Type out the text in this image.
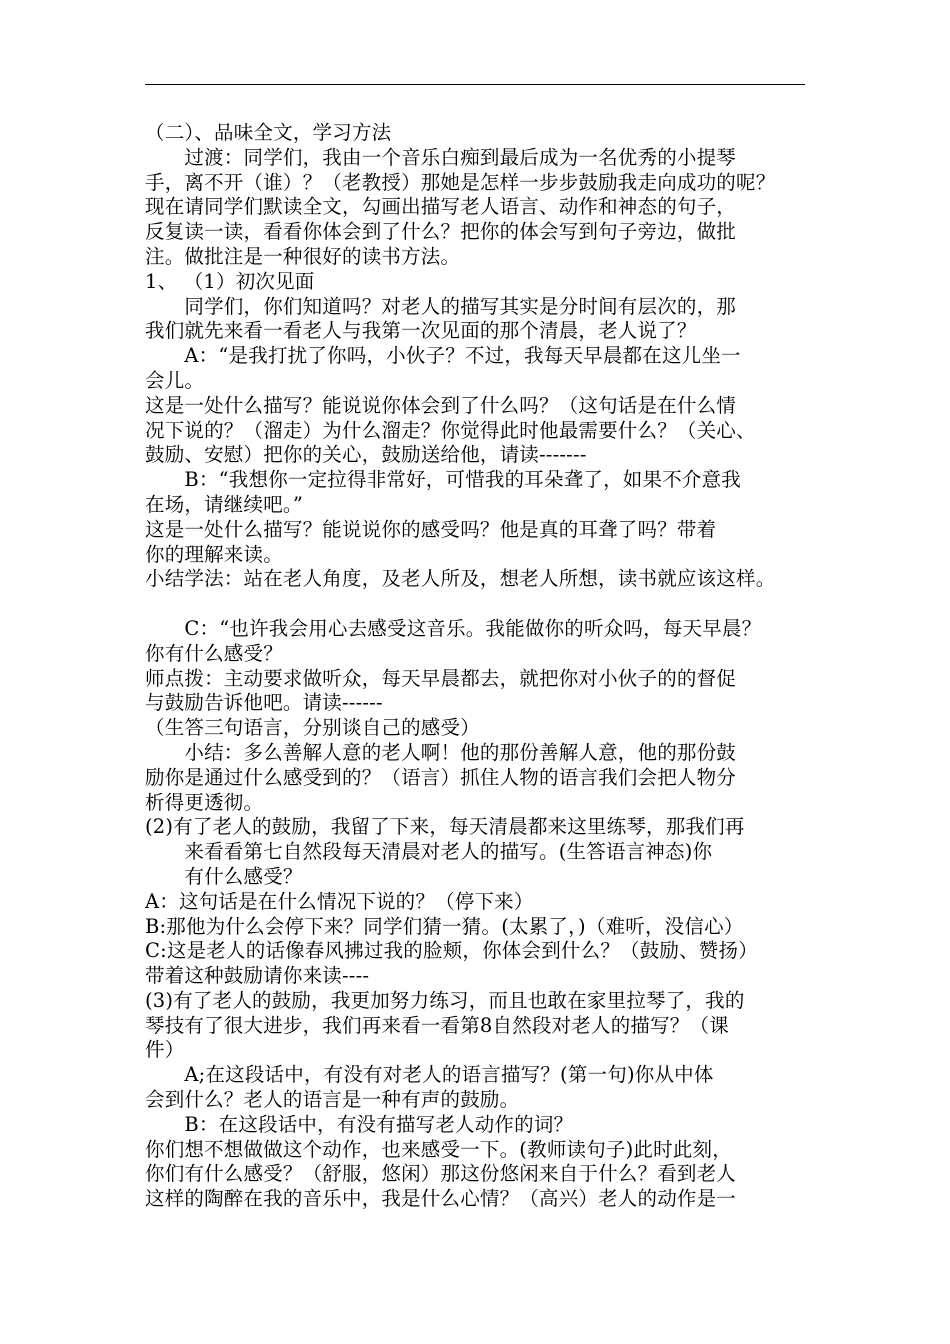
（二）、品味全文，学习方法

　　过渡：同学们，我由一个音乐白痴到最后成为一名优秀的小提琴

手，离不开（谁）？（老教授）那她是怎样一步步鼓励我走向成功的呢？

现在请同学们默读全文，勾画出描写老人语言、动作和神态的句子，

反复读一读，看看你体会到了什么？把你的体会写到句子旁边，做批

注。做批注是一种很好的读书方法。

1、 （1）初次见面

　　同学们，你们知道吗？对老人的描写其实是分时间有层次的，那

我们就先来看一看老人与我第一次见面的那个清晨，老人说了？

　　A：“是我打扰了你吗，小伙子？不过，我每天早晨都在这儿坐一

会儿。

这是一处什么描写？能说说你体会到了什么吗？（这句话是在什么情

况下说的？（溜走）为什么溜走？你觉得此时他最需要什么？（关心、

鼓励、安慰）把你的关心，鼓励送给他，请读-------

　　B：“我想你一定拉得非常好，可惜我的耳朵聋了，如果不介意我

在场，请继续吧。”

这是一处什么描写？能说说你的感受吗？他是真的耳聋了吗？带着

你的理解来读。

小结学法：站在老人角度，及老人所及，想老人所想，读书就应该这样。

　　C：“也许我会用心去感受这音乐。我能做你的听众吗，每天早晨？

你有什么感受？

师点拨：主动要求做听众，每天早晨都去，就把你对小伙子的的督促

与鼓励告诉他吧。请读------

（生答三句语言，分别谈自己的感受）

　　小结：多么善解人意的老人啊！他的那份善解人意，他的那份鼓

励你是通过什么感受到的？（语言）抓住人物的语言我们会把人物分

析得更透彻。

(2)有了老人的鼓励，我留了下来，每天清晨都来这里练琴，那我们再

　　来看看第七自然段每天清晨对老人的描写。(生答语言神态)你

　　有什么感受？

A：这句话是在什么情况下说的？（停下来）

B:那他为什么会停下来？同学们猜一猜。(太累了，)（难听，没信心）

C:这是老人的话像春风拂过我的脸颊，你体会到什么？（鼓励、赞扬）

带着这种鼓励请你来读----

(3)有了老人的鼓励，我更加努力练习，而且也敢在家里拉琴了，我的

琴技有了很大进步，我们再来看一看第8自然段对老人的描写？（课

件）

　　A;在这段话中，有没有对老人的语言描写？(第一句)你从中体

会到什么？老人的语言是一种有声的鼓励。

　　B：在这段话中，有没有描写老人动作的词？

你们想不想做做这个动作，也来感受一下。(教师读句子)此时此刻，

你们有什么感受？（舒服，悠闲）那这份悠闲来自于什么？看到老人

这样的陶醉在我的音乐中，我是什么心情？（高兴）老人的动作是一
